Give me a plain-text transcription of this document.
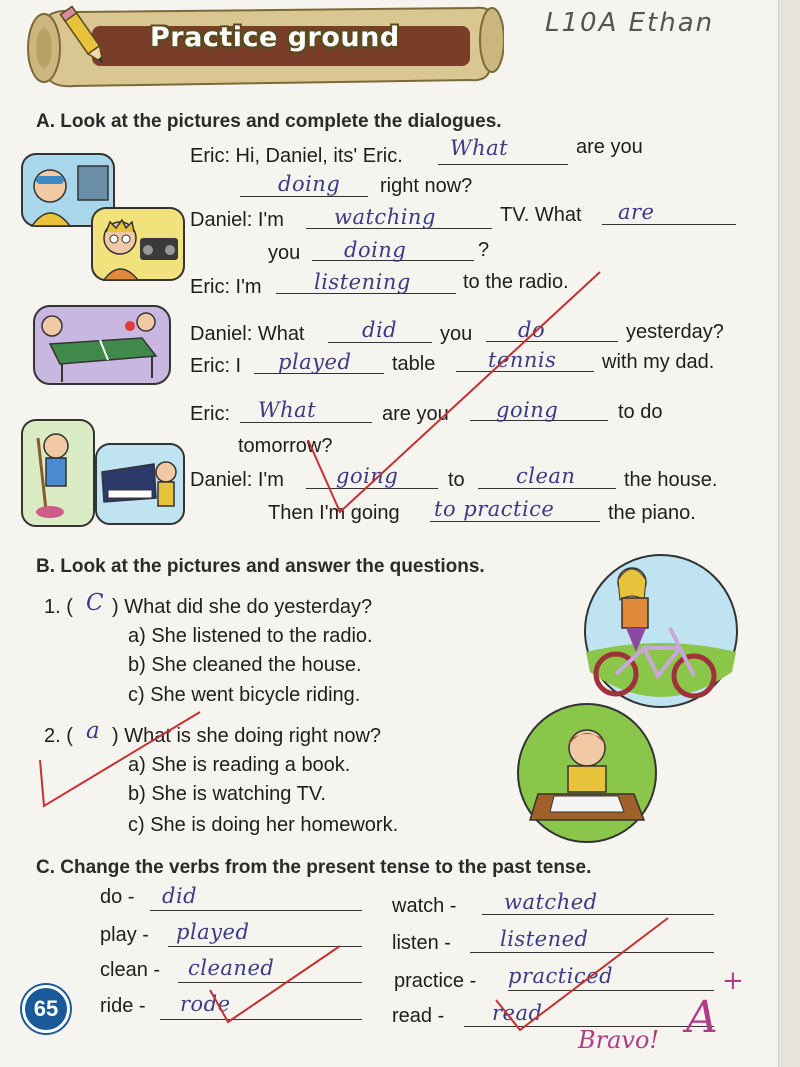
Practice ground	L10A Ethan
A. Look at the pictures and complete the dialogues.
Eric: Hi, Daniel, its' Eric. What	are you
doing right now?
Daniel: I'm watching	TV. What are
you doing	?
Eric: I'm listening	to the radio.
Daniel: What	did you do	yesterday?
Eric: I played table	tennis with my dad.
Eric: What	are you going	to do
tomorrow?
Daniel: I'm going to clean the house.
Then I'm going to practice	the piano.
B. Look at the pictures and answer the questions.
1. ( C ) What did she do yesterday?
a) She listened to the radio.
b) She cleaned the house.
c) She went bicycle riding.
2. ( a ) What is she doing right now?
a) She is reading a book.
b) She is watching TV.
c) She is doing her homework.
C. Change the verbs from the present tense to the past tense.
do - did
play - played
clean - cleaned
ride - rode
watch - watched
listen - listened
practice - practiced
read - read
65
Bravo! A
+
